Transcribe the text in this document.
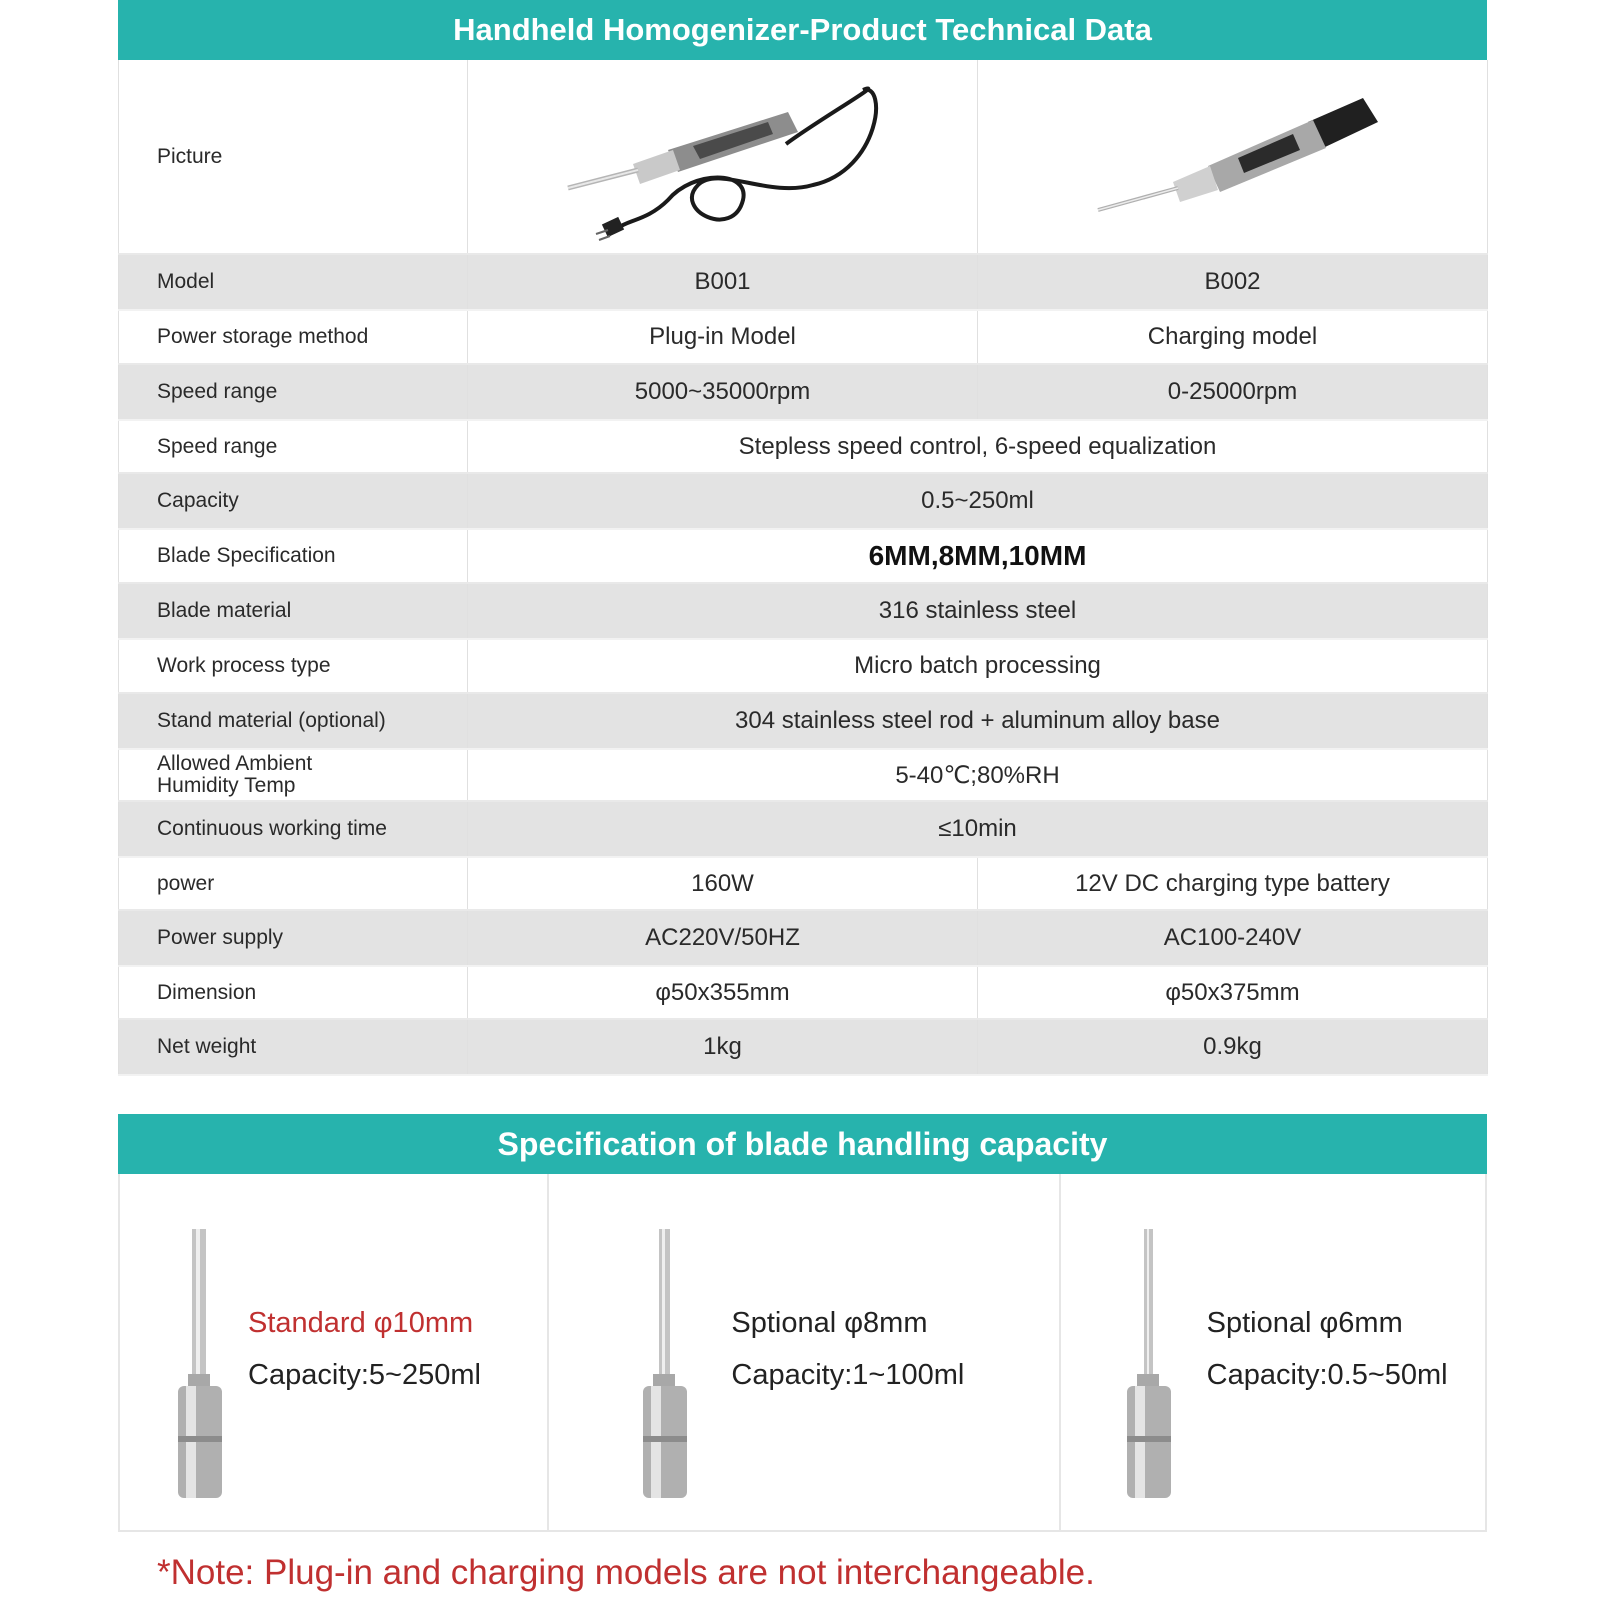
Handheld Homogenizer-Product Technical Data
Picture		
Model	B001	B002
Power storage method	Plug-in Model	Charging model
Speed range	5000~35000rpm	0-25000rpm
Speed range	Stepless speed control, 6-speed equalization	
Capacity	0.5~250ml	
Blade Specification	6MM,8MM,10MM	
Blade material	316 stainless steel	
Work process type	Micro batch processing	
Stand material (optional)	304 stainless steel rod + aluminum alloy base	
Allowed Ambient
Humidity Temp	5-40℃;80%RH	
Continuous working time	≤10min	
power	160W	12V DC charging type battery
Power supply	AC220V/50HZ	AC100-240V
Dimension	φ50x355mm	φ50x375mm
Net weight	1kg	0.9kg
Specification of blade handling capacity
Standard φ10mm
Capacity:5~250ml
Sptional φ8mm
Capacity:1~100ml
Sptional φ6mm
Capacity:0.5~50ml
*Note: Plug-in and charging models are not interchangeable.
